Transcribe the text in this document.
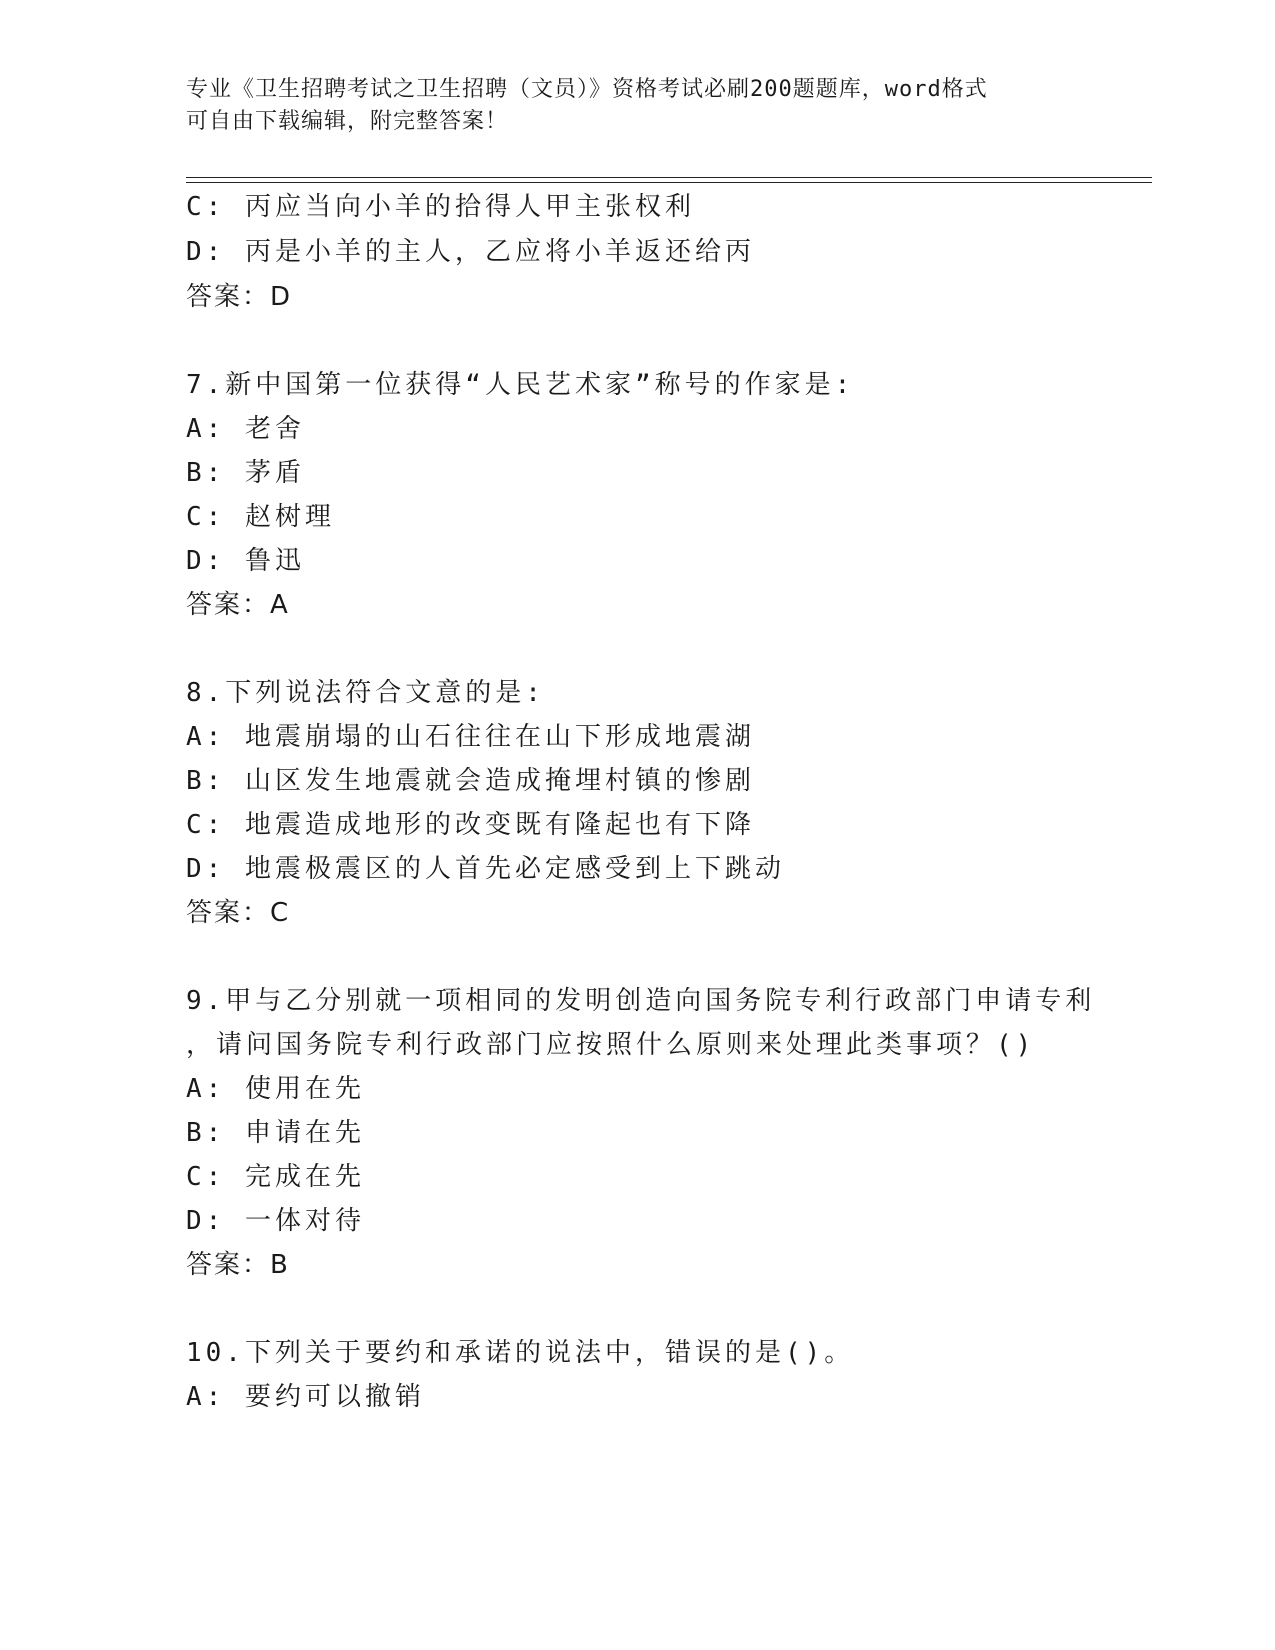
专业《卫生招聘考试之卫生招聘（文员）》资格考试必刷200题题库，word格式
可自由下载编辑，附完整答案！
C: 丙应当向小羊的拾得人甲主张权利
D: 丙是小羊的主人，乙应将小羊返还给丙
答案：D
7.新中国第一位获得“人民艺术家”称号的作家是:
A: 老舍
B: 茅盾
C: 赵树理
D: 鲁迅
答案：A
8.下列说法符合文意的是:
A: 地震崩塌的山石往往在山下形成地震湖
B: 山区发生地震就会造成掩埋村镇的惨剧
C: 地震造成地形的改变既有隆起也有下降
D: 地震极震区的人首先必定感受到上下跳动
答案：C
9.甲与乙分别就一项相同的发明创造向国务院专利行政部门申请专利
，请问国务院专利行政部门应按照什么原则来处理此类事项？()
A: 使用在先
B: 申请在先
C: 完成在先
D: 一体对待
答案：B
10.下列关于要约和承诺的说法中，错误的是()。
A: 要约可以撤销
